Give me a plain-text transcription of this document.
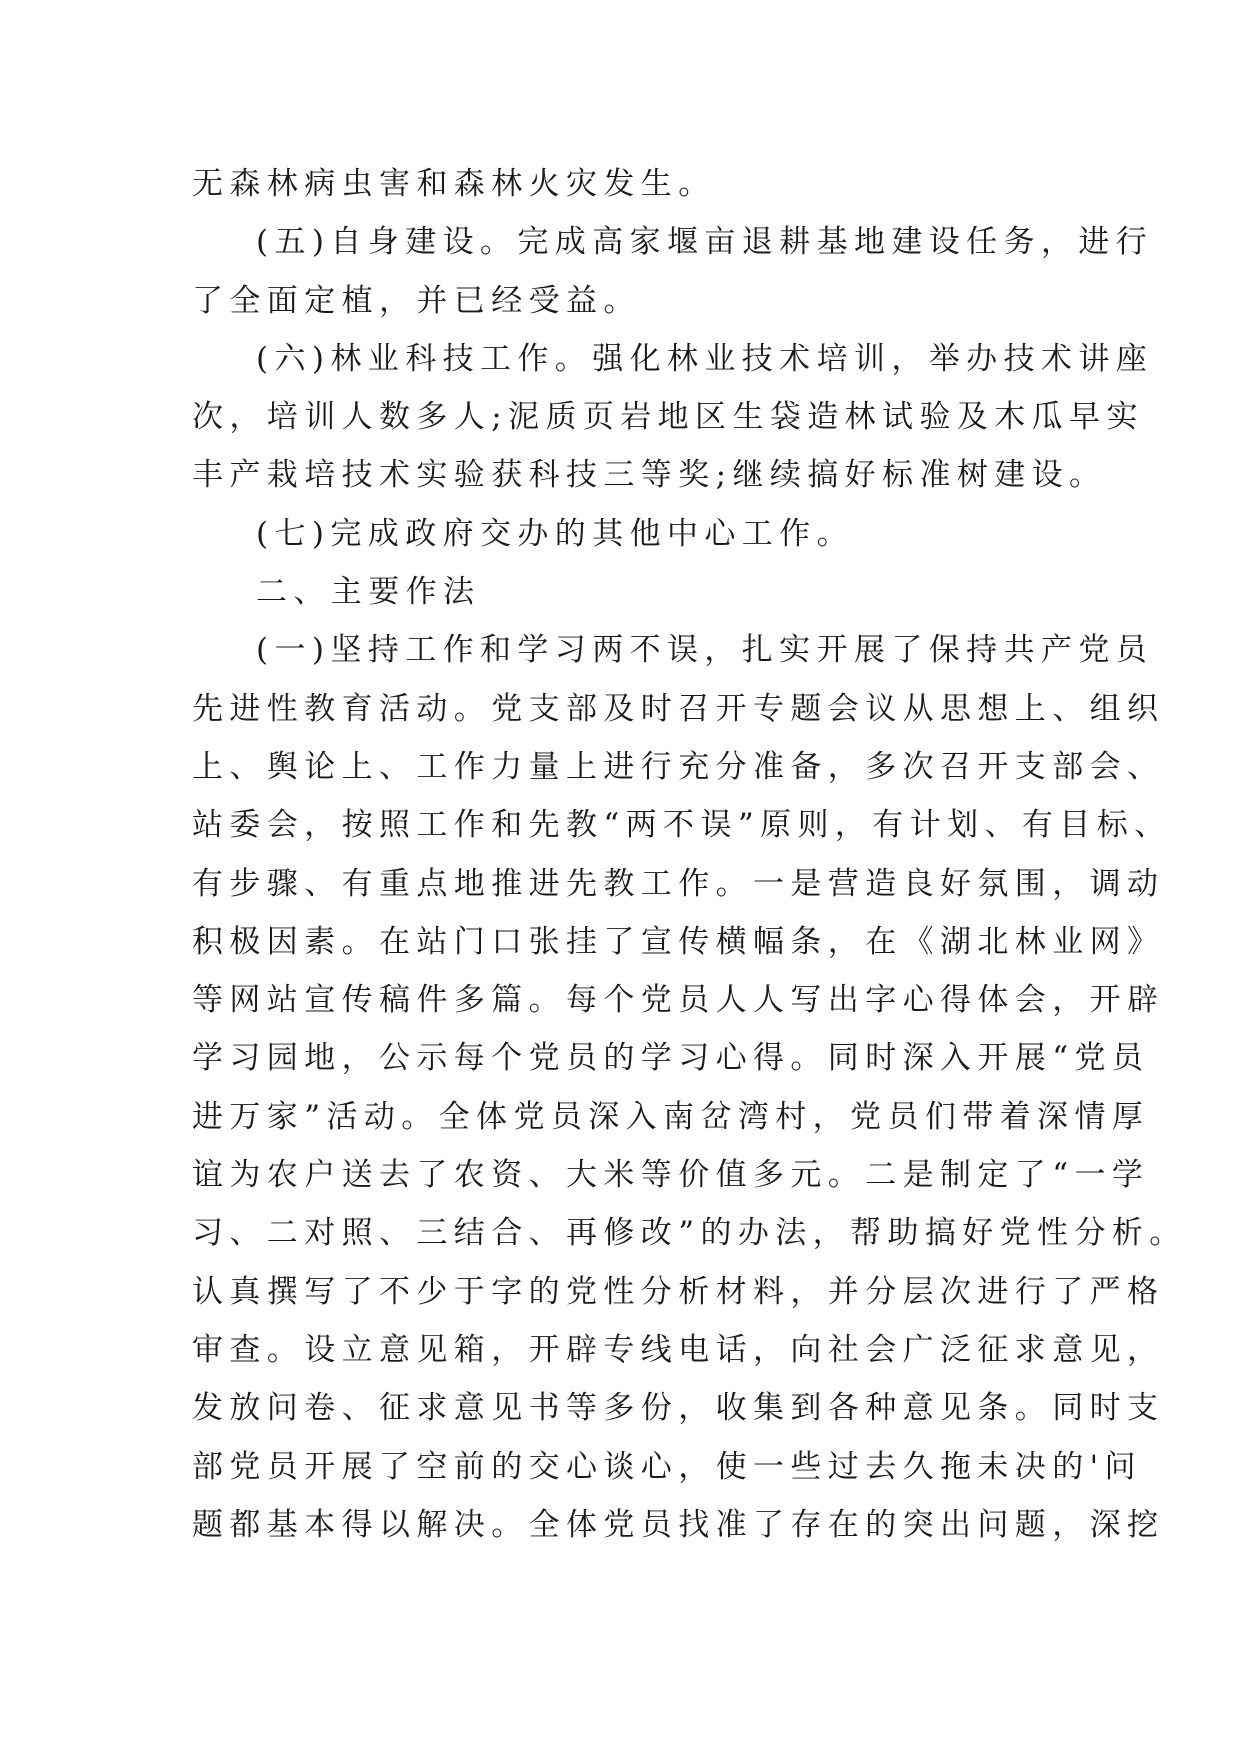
无森林病虫害和森林火灾发生。
(五)自身建设。完成高家堰亩退耕基地建设任务，进行
了全面定植，并已经受益。
(六)林业科技工作。强化林业技术培训，举办技术讲座
次，培训人数多人;泥质页岩地区生袋造林试验及木瓜早实
丰产栽培技术实验获科技三等奖;继续搞好标准树建设。
(七)完成政府交办的其他中心工作。
二、主要作法
(一)坚持工作和学习两不误，扎实开展了保持共产党员
先进性教育活动。党支部及时召开专题会议从思想上、组织
上、舆论上、工作力量上进行充分准备，多次召开支部会、
站委会，按照工作和先教“两不误”原则，有计划、有目标、
有步骤、有重点地推进先教工作。一是营造良好氛围，调动
积极因素。在站门口张挂了宣传横幅条，在《湖北林业网》
等网站宣传稿件多篇。每个党员人人写出字心得体会，开辟
学习园地，公示每个党员的学习心得。同时深入开展“党员
进万家”活动。全体党员深入南岔湾村，党员们带着深情厚
谊为农户送去了农资、大米等价值多元。二是制定了“一学
习、二对照、三结合、再修改”的办法，帮助搞好党性分析。
认真撰写了不少于字的党性分析材料，并分层次进行了严格
审查。设立意见箱，开辟专线电话，向社会广泛征求意见，
发放问卷、征求意见书等多份，收集到各种意见条。同时支
部党员开展了空前的交心谈心，使一些过去久拖未决的'问
题都基本得以解决。全体党员找准了存在的突出问题，深挖
